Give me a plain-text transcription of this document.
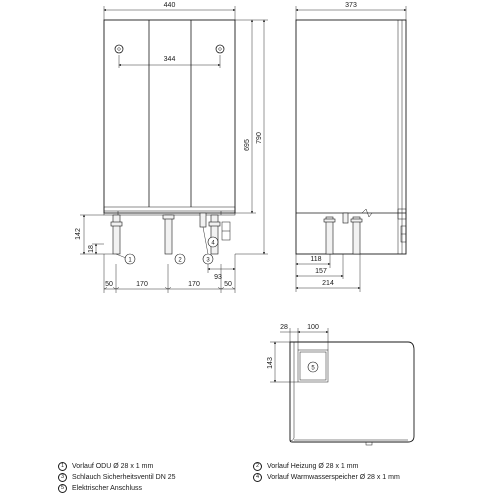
344
440
142
18
695
790
1	2	3
4
93
50	170	170	50
373
118
157
214
5
28	100
143
1	Vorlauf ODU Ø 28 x 1 mm	2	Vorlauf Heizung Ø 28 x 1 mm
3	Schlauch Sicherheitsventil DN 25	4	Vorlauf Warmwasserspeicher Ø 28 x 1 mm
5	Elektrischer Anschluss
